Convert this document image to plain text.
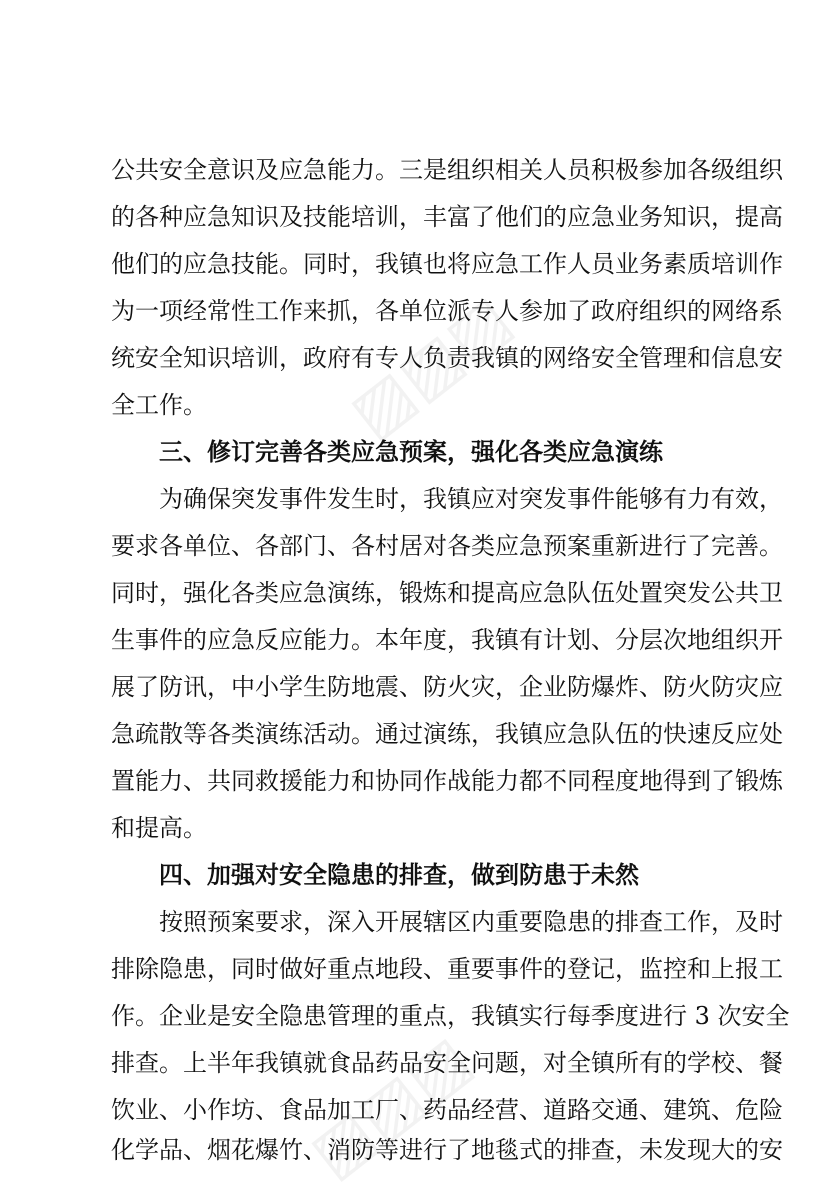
▨▨▨
▨▨▨
公共安全意识及应急能力。三是组织相关人员积极参加各级组织
的各种应急知识及技能培训，丰富了他们的应急业务知识，提高
他们的应急技能。同时，我镇也将应急工作人员业务素质培训作
为一项经常性工作来抓，各单位派专人参加了政府组织的网络系
统安全知识培训，政府有专人负责我镇的网络安全管理和信息安
全工作。
三、修订完善各类应急预案，强化各类应急演练
为确保突发事件发生时，我镇应对突发事件能够有力有效，
要求各单位、各部门、各村居对各类应急预案重新进行了完善。
同时，强化各类应急演练，锻炼和提高应急队伍处置突发公共卫
生事件的应急反应能力。本年度，我镇有计划、分层次地组织开
展了防讯，中小学生防地震、防火灾，企业防爆炸、防火防灾应
急疏散等各类演练活动。通过演练，我镇应急队伍的快速反应处
置能力、共同救援能力和协同作战能力都不同程度地得到了锻炼
和提高。
四、加强对安全隐患的排查，做到防患于未然
按照预案要求，深入开展辖区内重要隐患的排查工作，及时
排除隐患，同时做好重点地段、重要事件的登记，监控和上报工
作。企业是安全隐患管理的重点，我镇实行每季度进行 3 次安全
排查。上半年我镇就食品药品安全问题，对全镇所有的学校、餐
饮业、小作坊、食品加工厂、药品经营、道路交通、建筑、危险
化学品、烟花爆竹、消防等进行了地毯式的排查，未发现大的安
